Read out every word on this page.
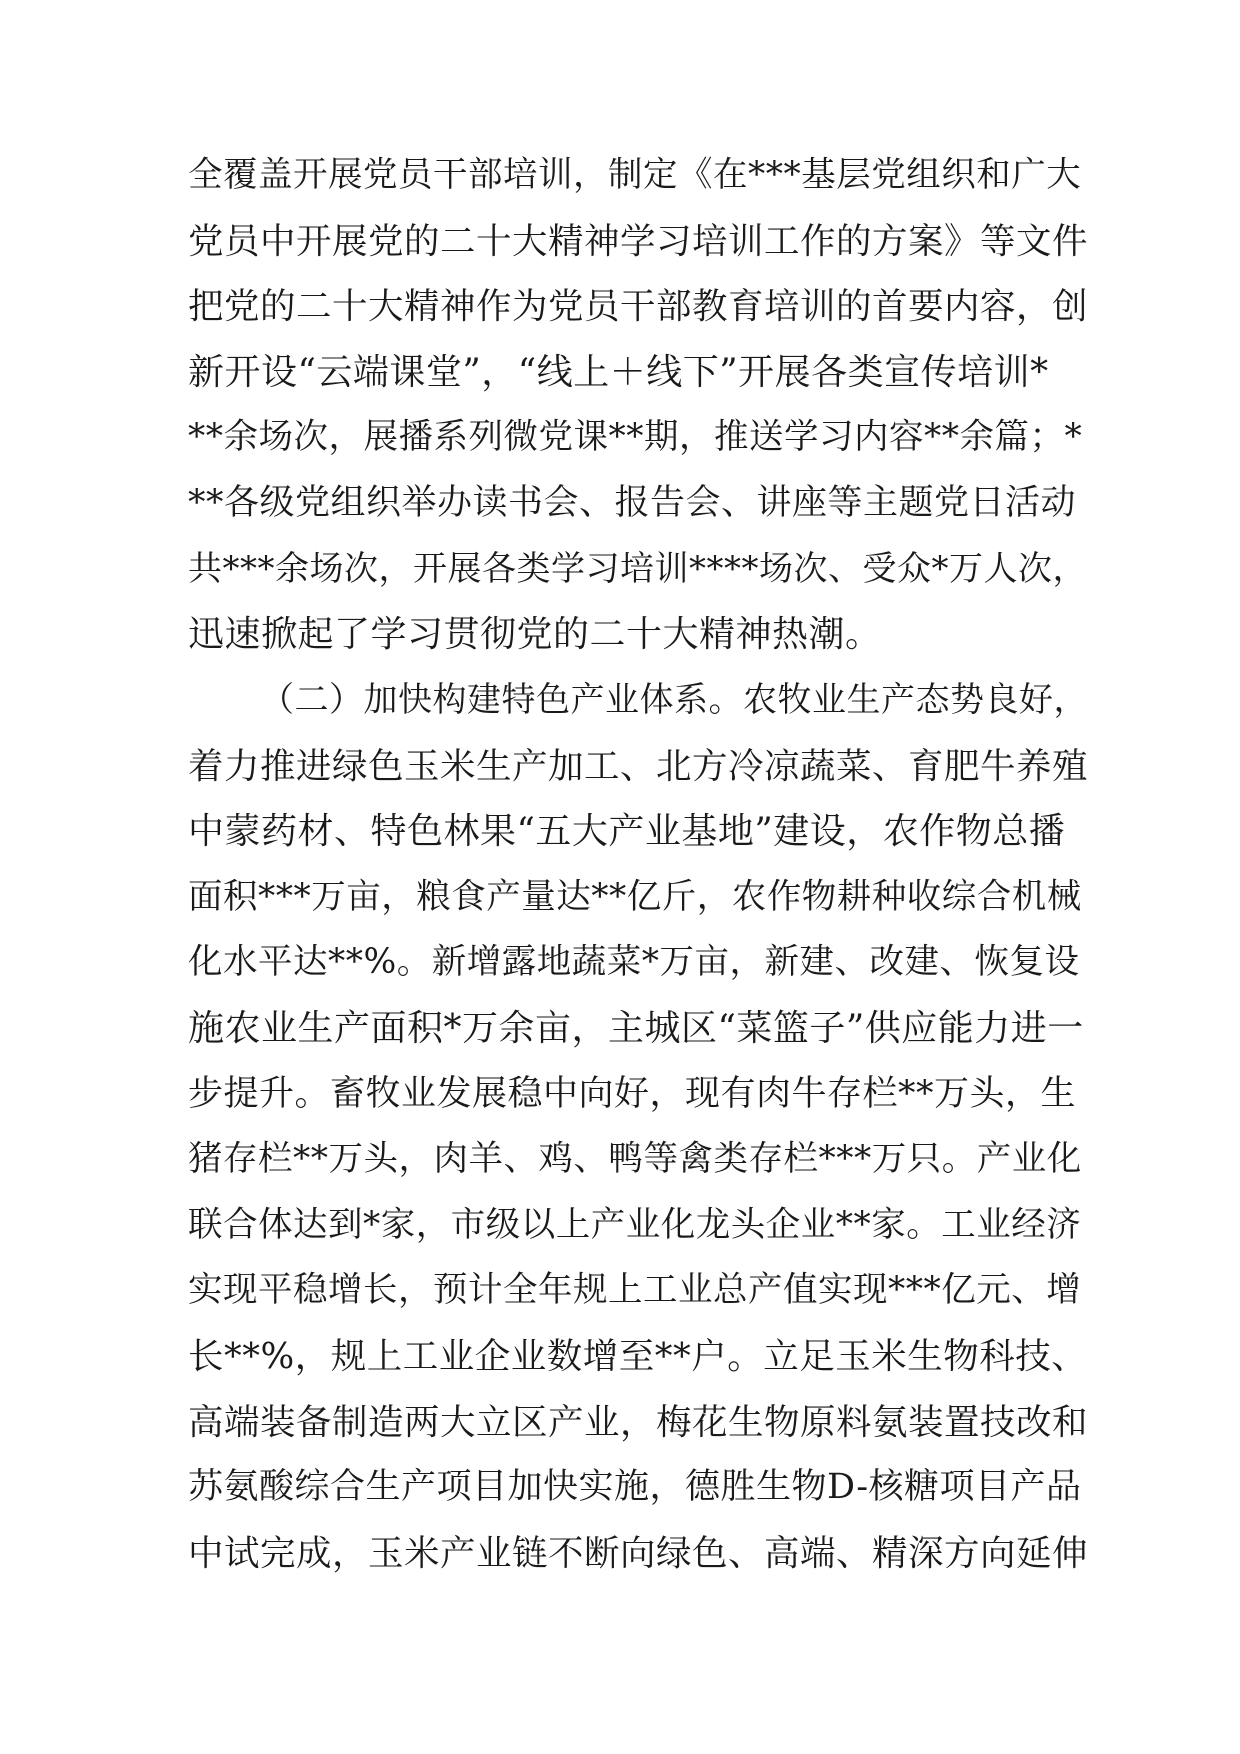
全覆盖开展党员干部培训，制定《在***基层党组织和广大
党员中开展党的二十大精神学习培训工作的方案》等文件
把党的二十大精神作为党员干部教育培训的首要内容，创
新开设“云端课堂”，“线上＋线下”开展各类宣传培训*
**余场次，展播系列微党课**期，推送学习内容**余篇；*
**各级党组织举办读书会、报告会、讲座等主题党日活动
共***余场次，开展各类学习培训****场次、受众*万人次，
迅速掀起了学习贯彻党的二十大精神热潮。
（二）加快构建特色产业体系。农牧业生产态势良好，
着力推进绿色玉米生产加工、北方冷凉蔬菜、育肥牛养殖
中蒙药材、特色林果“五大产业基地”建设，农作物总播
面积***万亩，粮食产量达**亿斤，农作物耕种收综合机械
化水平达**%。新增露地蔬菜*万亩，新建、改建、恢复设
施农业生产面积*万余亩，主城区“菜篮子”供应能力进一
步提升。畜牧业发展稳中向好，现有肉牛存栏**万头，生
猪存栏**万头，肉羊、鸡、鸭等禽类存栏***万只。产业化
联合体达到*家，市级以上产业化龙头企业**家。工业经济
实现平稳增长，预计全年规上工业总产值实现***亿元、增
长**%，规上工业企业数增至**户。立足玉米生物科技、
高端装备制造两大立区产业，梅花生物原料氨装置技改和
苏氨酸综合生产项目加快实施，德胜生物D-核糖项目产品
中试完成，玉米产业链不断向绿色、高端、精深方向延伸
